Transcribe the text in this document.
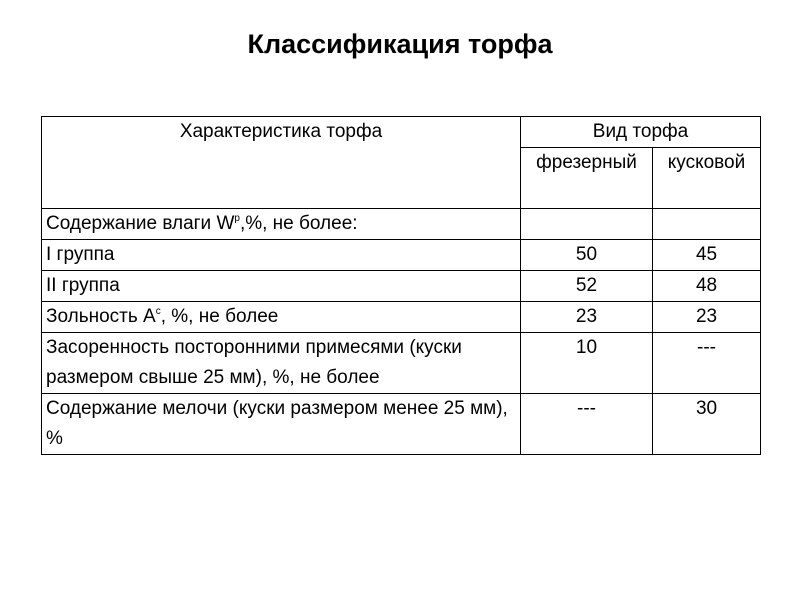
Классификация торфа
Характеристика торфа	Вид торфа	
	фрезерный	кусковой
Содержание влаги $W^р,\%$, не более:		
I группа	50	45
II группа	52	48
Зольность $A^с$, %, не более	23	23
Засоренность посторонними примесями (куски размером свыше 25 мм), %, не более	10	---
Содержание мелочи (куски размером менее 25 мм), %	---	30
